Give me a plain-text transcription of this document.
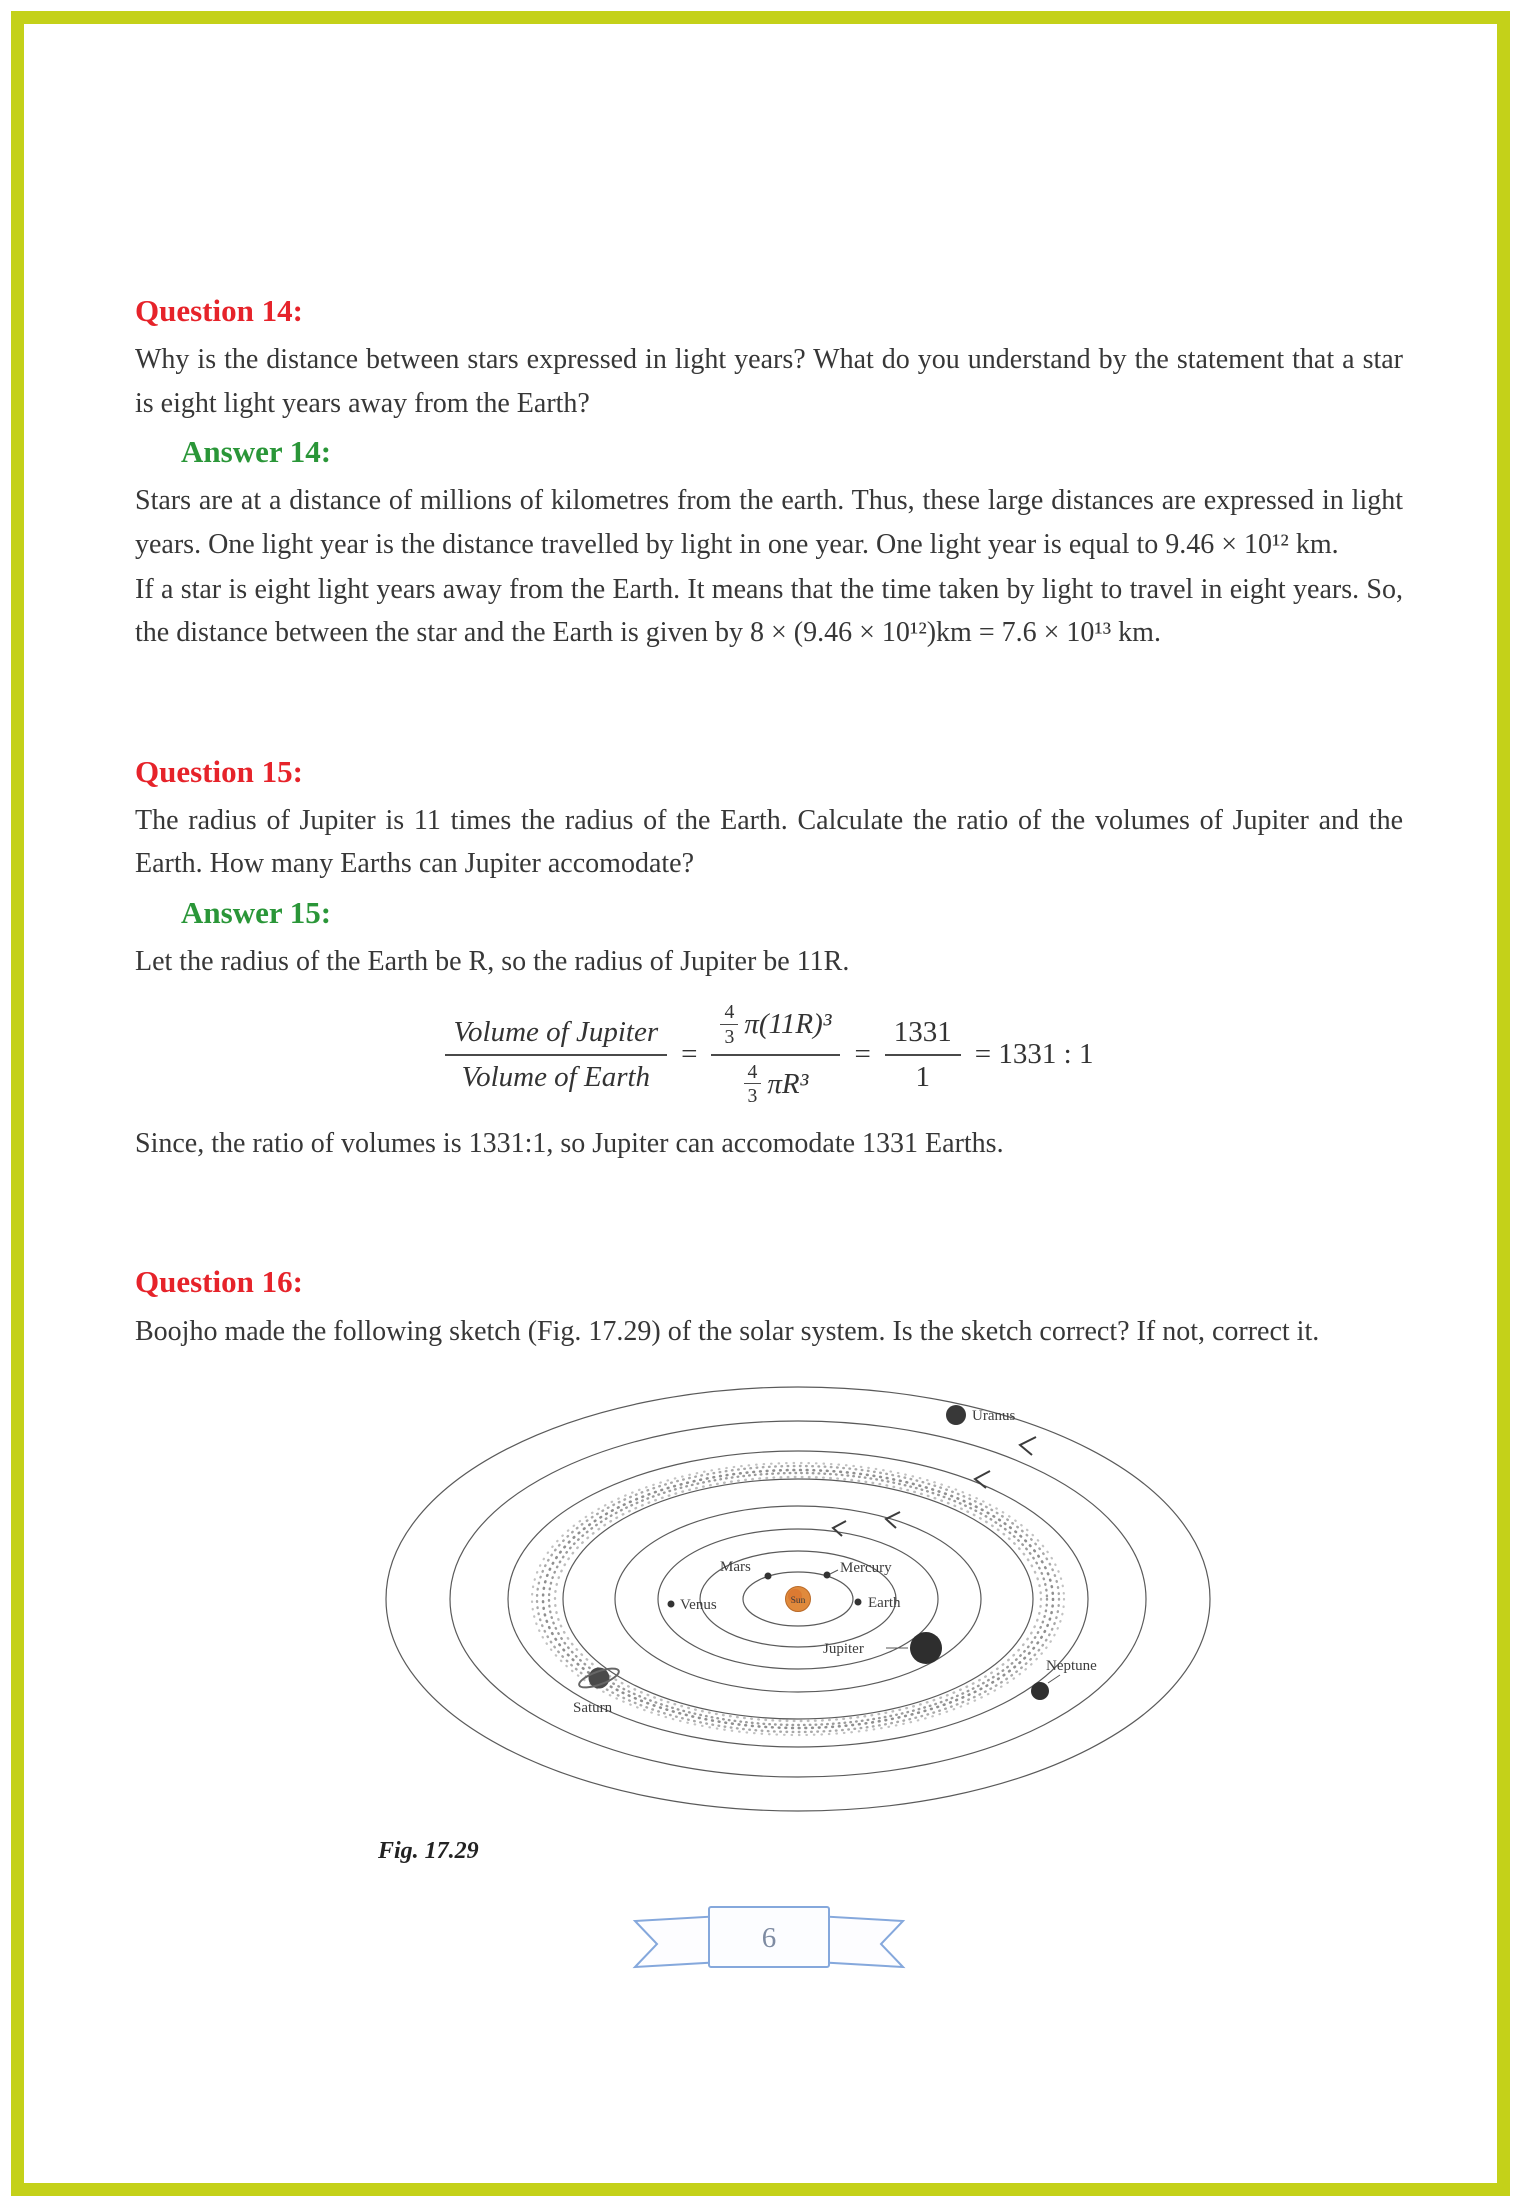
Question 14:

Why is the distance between stars expressed in light years? What do you understand by the statement that a star is eight light years away from the Earth?

Answer 14:

Stars are at a distance of millions of kilometres from the earth. Thus, these large distances are expressed in light years. One light year is the distance travelled by light in one year. One light year is equal to 9.46 × 10¹² km.

If a star is eight light years away from the Earth. It means that the time taken by light to travel in eight years. So, the distance between the star and the Earth is given by 8 × (9.46 × 10¹²)km = 7.6 × 10¹³ km.

Question 15:

The radius of Jupiter is 11 times the radius of the Earth. Calculate the ratio of the volumes of Jupiter and the Earth. How many Earths can Jupiter accomodate?

Answer 15:

Let the radius of the Earth be R, so the radius of Jupiter be 11R.

$\frac{\text{Volume of Jupiter}}{\text{Volume of Earth}} = \frac{\frac{4}{3} \pi(11R)^3}{\frac{4}{3} \pi R^3} = \frac{1331}{1} = 1331$ : 1

Since, the ratio of volumes is 1331:1, so Jupiter can accomodate 1331 Earths.

Question 16:

Boojho made the following sketch (Fig. 17.29) of the solar system. Is the sketch correct? If not, correct it.

Sun
Mercury
Mars
Venus	Earth
Jupiter
Saturn
Uranus
Neptune
Fig. 17.29
6
